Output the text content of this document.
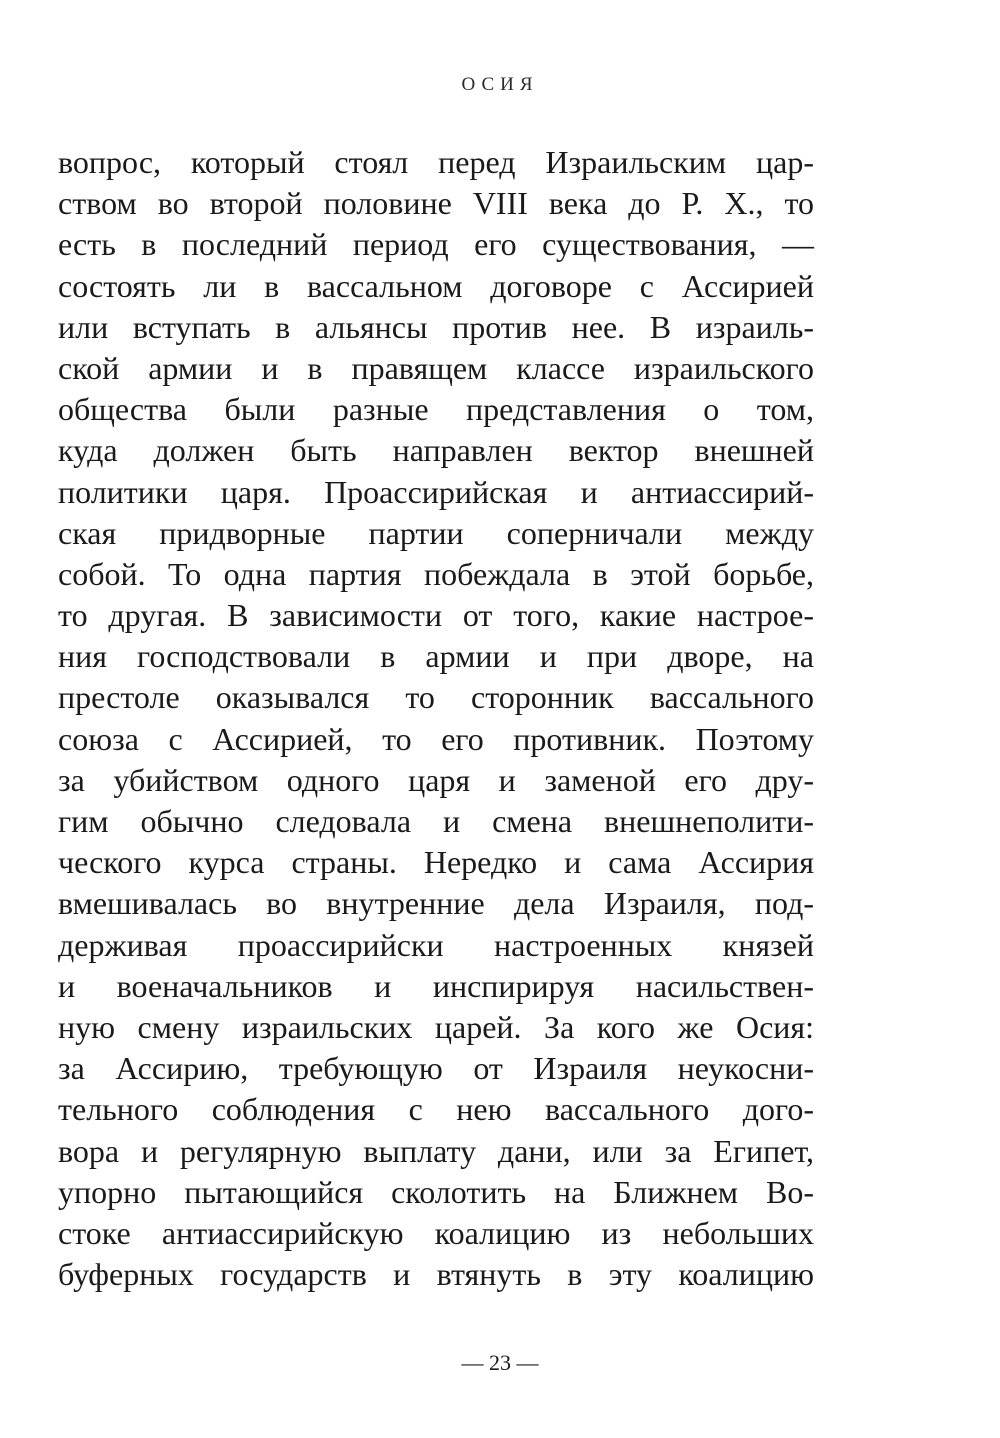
ОСИЯ
вопрос, который стоял перед Израильским цар-
ством во второй половине VIII века до Р. Х., то
есть в последний период его существования, —
состоять ли в вассальном договоре с Ассирией
или вступать в альянсы против нее. В израиль-
ской армии и в правящем классе израильского
общества были разные представления о том,
куда должен быть направлен вектор внешней
политики царя. Проассирийская и антиассирий-
ская придворные партии соперничали между
собой. То одна партия побеждала в этой борьбе,
то другая. В зависимости от того, какие настрое-
ния господствовали в армии и при дворе, на
престоле оказывался то сторонник вассального
союза с Ассирией, то его противник. Поэтому
за убийством одного царя и заменой его дру-
гим обычно следовала и смена внешнеполити-
ческого курса страны. Нередко и сама Ассирия
вмешивалась во внутренние дела Израиля, под-
держивая проассирийски настроенных князей
и военачальников и инспирируя насильствен-
ную смену израильских царей. За кого же Осия:
за Ассирию, требующую от Израиля неукосни-
тельного соблюдения с нею вассального дого-
вора и регулярную выплату дани, или за Египет,
упорно пытающийся сколотить на Ближнем Во-
стоке антиассирийскую коалицию из небольших
буферных государств и втянуть в эту коалицию
— 23 —
